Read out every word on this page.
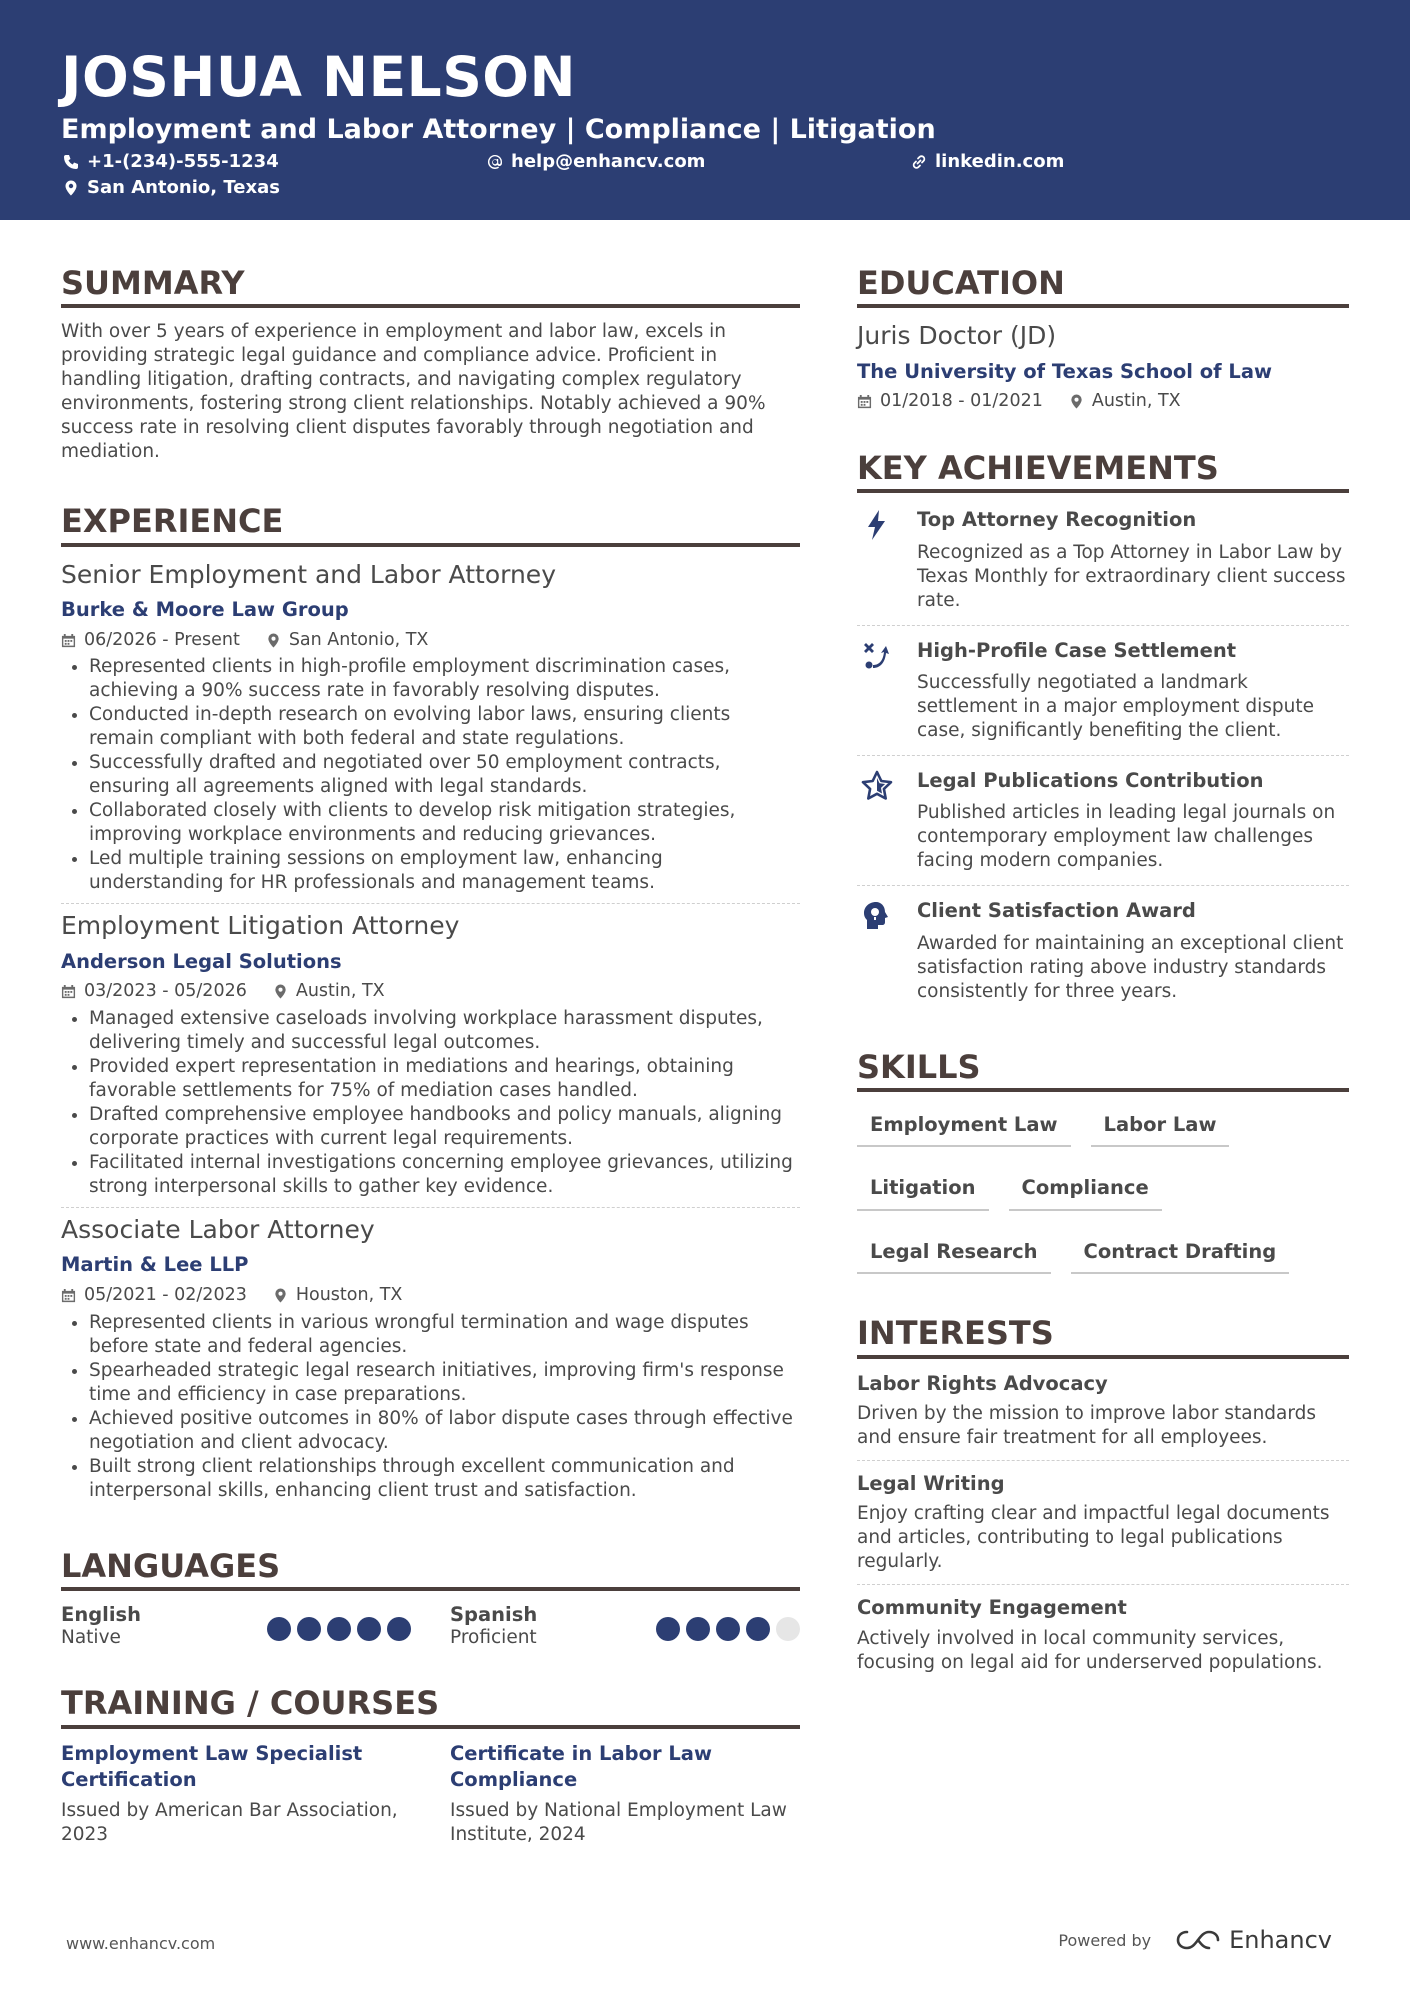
JOSHUA NELSON
Employment and Labor Attorney | Compliance | Litigation
+1-(234)-555-1234	help@enhancv.com	linkedin.com
San Antonio, Texas
SUMMARY

With over 5 years of experience in employment and labor law, excels in providing strategic legal guidance and compliance advice. Proficient in handling litigation, drafting contracts, and navigating complex regulatory environments, fostering strong client relationships. Notably achieved a 90% success rate in resolving client disputes favorably through negotiation and mediation.

EXPERIENCE
Senior Employment and Labor Attorney
Burke & Moore Law Group
06/2026 - Present	San Antonio, TX
• Represented clients in high-profile employment discrimination cases, achieving a 90% success rate in favorably resolving disputes.
• Conducted in-depth research on evolving labor laws, ensuring clients remain compliant with both federal and state regulations.
• Successfully drafted and negotiated over 50 employment contracts, ensuring all agreements aligned with legal standards.
• Collaborated closely with clients to develop risk mitigation strategies, improving workplace environments and reducing grievances.
• Led multiple training sessions on employment law, enhancing understanding for HR professionals and management teams.
Employment Litigation Attorney
Anderson Legal Solutions
03/2023 - 05/2026	Austin, TX
• Managed extensive caseloads involving workplace harassment disputes, delivering timely and successful legal outcomes.
• Provided expert representation in mediations and hearings, obtaining favorable settlements for 75% of mediation cases handled.
• Drafted comprehensive employee handbooks and policy manuals, aligning corporate practices with current legal requirements.
• Facilitated internal investigations concerning employee grievances, utilizing strong interpersonal skills to gather key evidence.
Associate Labor Attorney
Martin & Lee LLP
05/2021 - 02/2023	Houston, TX
• Represented clients in various wrongful termination and wage disputes before state and federal agencies.
• Spearheaded strategic legal research initiatives, improving firm's response time and efficiency in case preparations.
• Achieved positive outcomes in 80% of labor dispute cases through effective negotiation and client advocacy.
• Built strong client relationships through excellent communication and interpersonal skills, enhancing client trust and satisfaction.
LANGUAGES
English
Native
Spanish
Proficient
TRAINING / COURSES
Employment Law Specialist Certification
Issued by American Bar Association, 2023
Certificate in Labor Law Compliance
Issued by National Employment Law Institute, 2024
EDUCATION
Juris Doctor (JD)
The University of Texas School of Law
01/2018 - 01/2021	Austin, TX
KEY ACHIEVEMENTS
Top Attorney Recognition
Recognized as a Top Attorney in Labor Law by Texas Monthly for extraordinary client success rate.
High-Profile Case Settlement
Successfully negotiated a landmark settlement in a major employment dispute case, significantly benefiting the client.
Legal Publications Contribution
Published articles in leading legal journals on contemporary employment law challenges facing modern companies.
Client Satisfaction Award
Awarded for maintaining an exceptional client satisfaction rating above industry standards consistently for three years.
SKILLS
Employment Law	Labor Law
Litigation	Compliance
Legal Research	Contract Drafting
INTERESTS
Labor Rights Advocacy
Driven by the mission to improve labor standards and ensure fair treatment for all employees.
Legal Writing
Enjoy crafting clear and impactful legal documents and articles, contributing to legal publications regularly.
Community Engagement
Actively involved in local community services, focusing on legal aid for underserved populations.
www.enhancv.com	Powered by	Enhancv
